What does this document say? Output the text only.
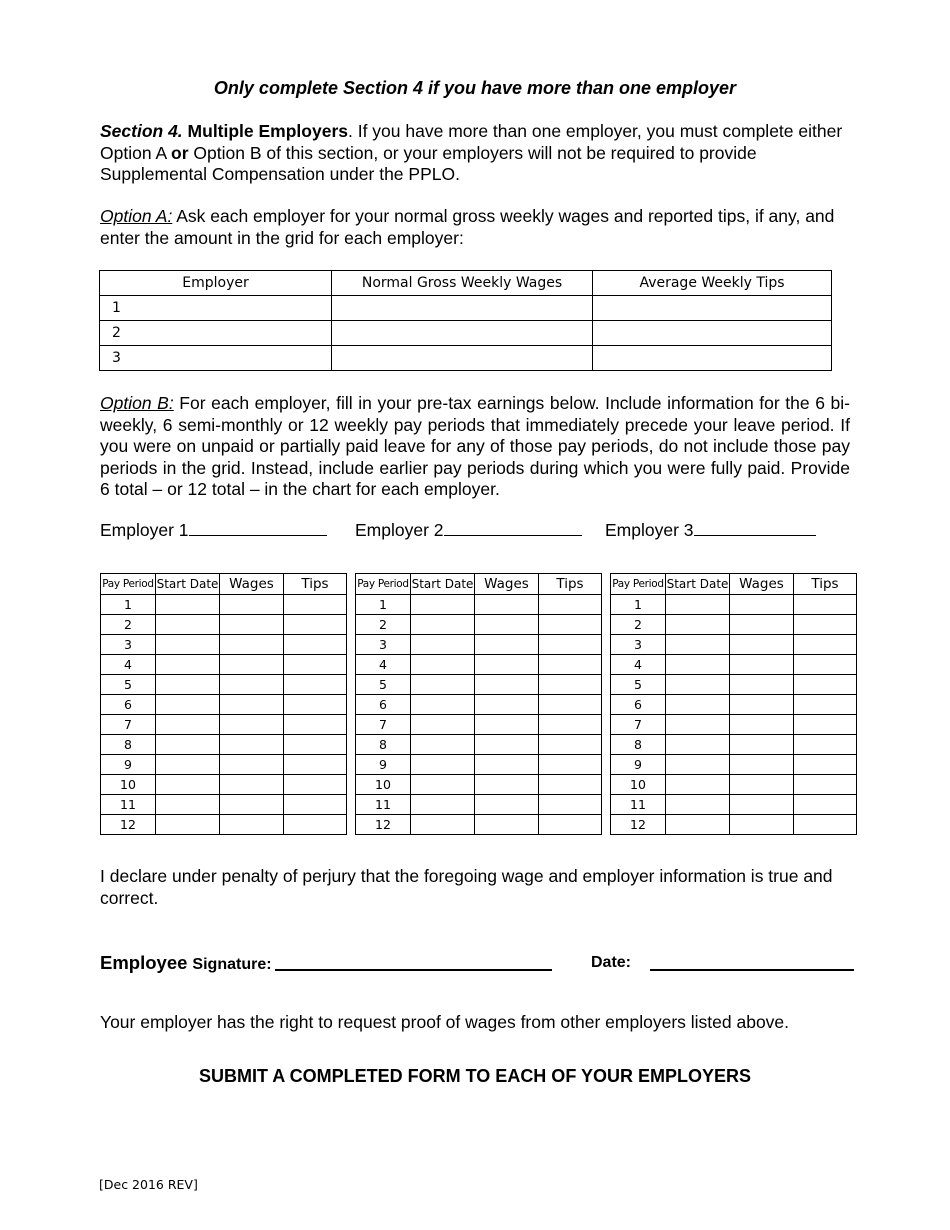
Only complete Section 4 if you have more than one employer
Section 4. Multiple Employers. If you have more than one employer, you must complete either Option A or Option B of this section, or your employers will not be required to provide Supplemental Compensation under the PPLO.
Option A: Ask each employer for your normal gross weekly wages and reported tips, if any, and enter the amount in the grid for each employer:
Employer	Normal Gross Weekly Wages	Average Weekly Tips
1		
2		
3		
Option B: For each employer, fill in your pre-tax earnings below. Include information for the 6 bi-weekly, 6 semi-monthly or 12 weekly pay periods that immediately precede your leave period. If you were on unpaid or partially paid leave for any of those pay periods, do not include those pay periods in the grid. Instead, include earlier pay periods during which you were fully paid. Provide 6 total – or 12 total – in the chart for each employer.
Employer 1	Employer 2	Employer 3
Pay Period	Start Date	Wages	Tips
1			
2			
3			
4			
5			
6			
7			
8			
9			
10			
11			
12			
Pay Period	Start Date	Wages	Tips
1			
2			
3			
4			
5			
6			
7			
8			
9			
10			
11			
12			
Pay Period	Start Date	Wages	Tips
1			
2			
3			
4			
5			
6			
7			
8			
9			
10			
11			
12			
I declare under penalty of perjury that the foregoing wage and employer information is true and correct.
Employee Signature:	Date:
Your employer has the right to request proof of wages from other employers listed above.
SUBMIT A COMPLETED FORM TO EACH OF YOUR EMPLOYERS
[Dec 2016 REV]
